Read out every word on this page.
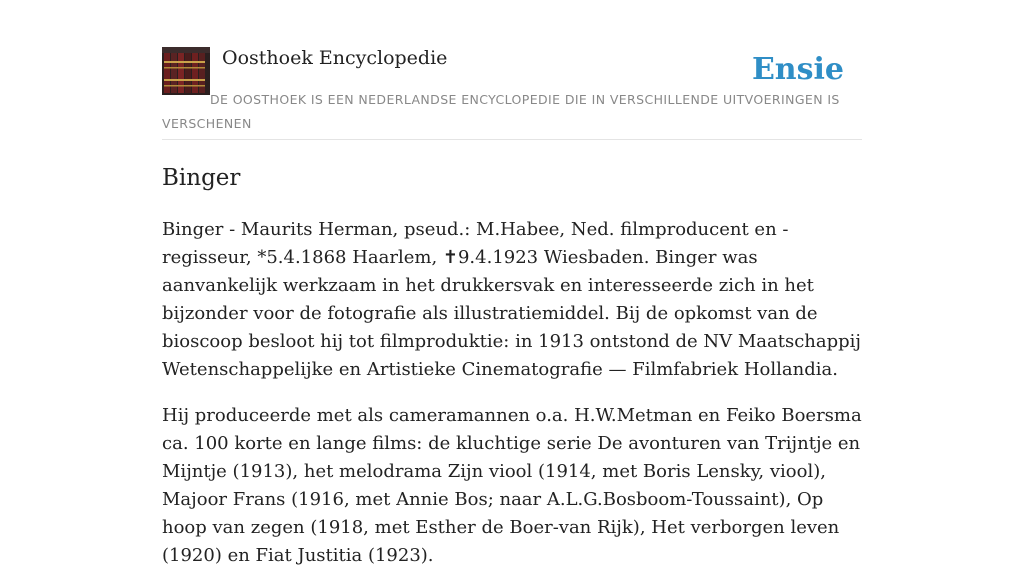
Oosthoek Encyclopedie	Ensie
DE OOSTHOEK IS EEN NEDERLANDSE ENCYCLOPEDIE DIE IN VERSCHILLENDE UITVOERINGEN IS VERSCHENEN
Binger

Binger - Maurits Herman, pseud.: M.Habee, Ned. filmproducent en -regisseur, *5.4.1868 Haarlem, ✝9.4.1923 Wiesbaden. Binger was aanvankelijk werkzaam in het drukkersvak en interesseerde zich in het bijzonder voor de fotografie als illustratiemiddel. Bij de opkomst van de bioscoop besloot hij tot filmproduktie: in 1913 ontstond de NV Maatschappij Wetenschappelijke en Artistieke Cinematografie — Filmfabriek Hollandia.

Hij produceerde met als cameramannen o.a. H.W.Metman en Feiko Boersma ca. 100 korte en lange films: de kluchtige serie De avonturen van Trijntje en Mijntje (1913), het melodrama Zijn viool (1914, met Boris Lensky, viool), Majoor Frans (1916, met Annie Bos; naar A.L.G.Bosboom-Toussaint), Op hoop van zegen (1918, met Esther de Boer-van Rijk), Het verborgen leven (1920) en Fiat Justitia (1923).
